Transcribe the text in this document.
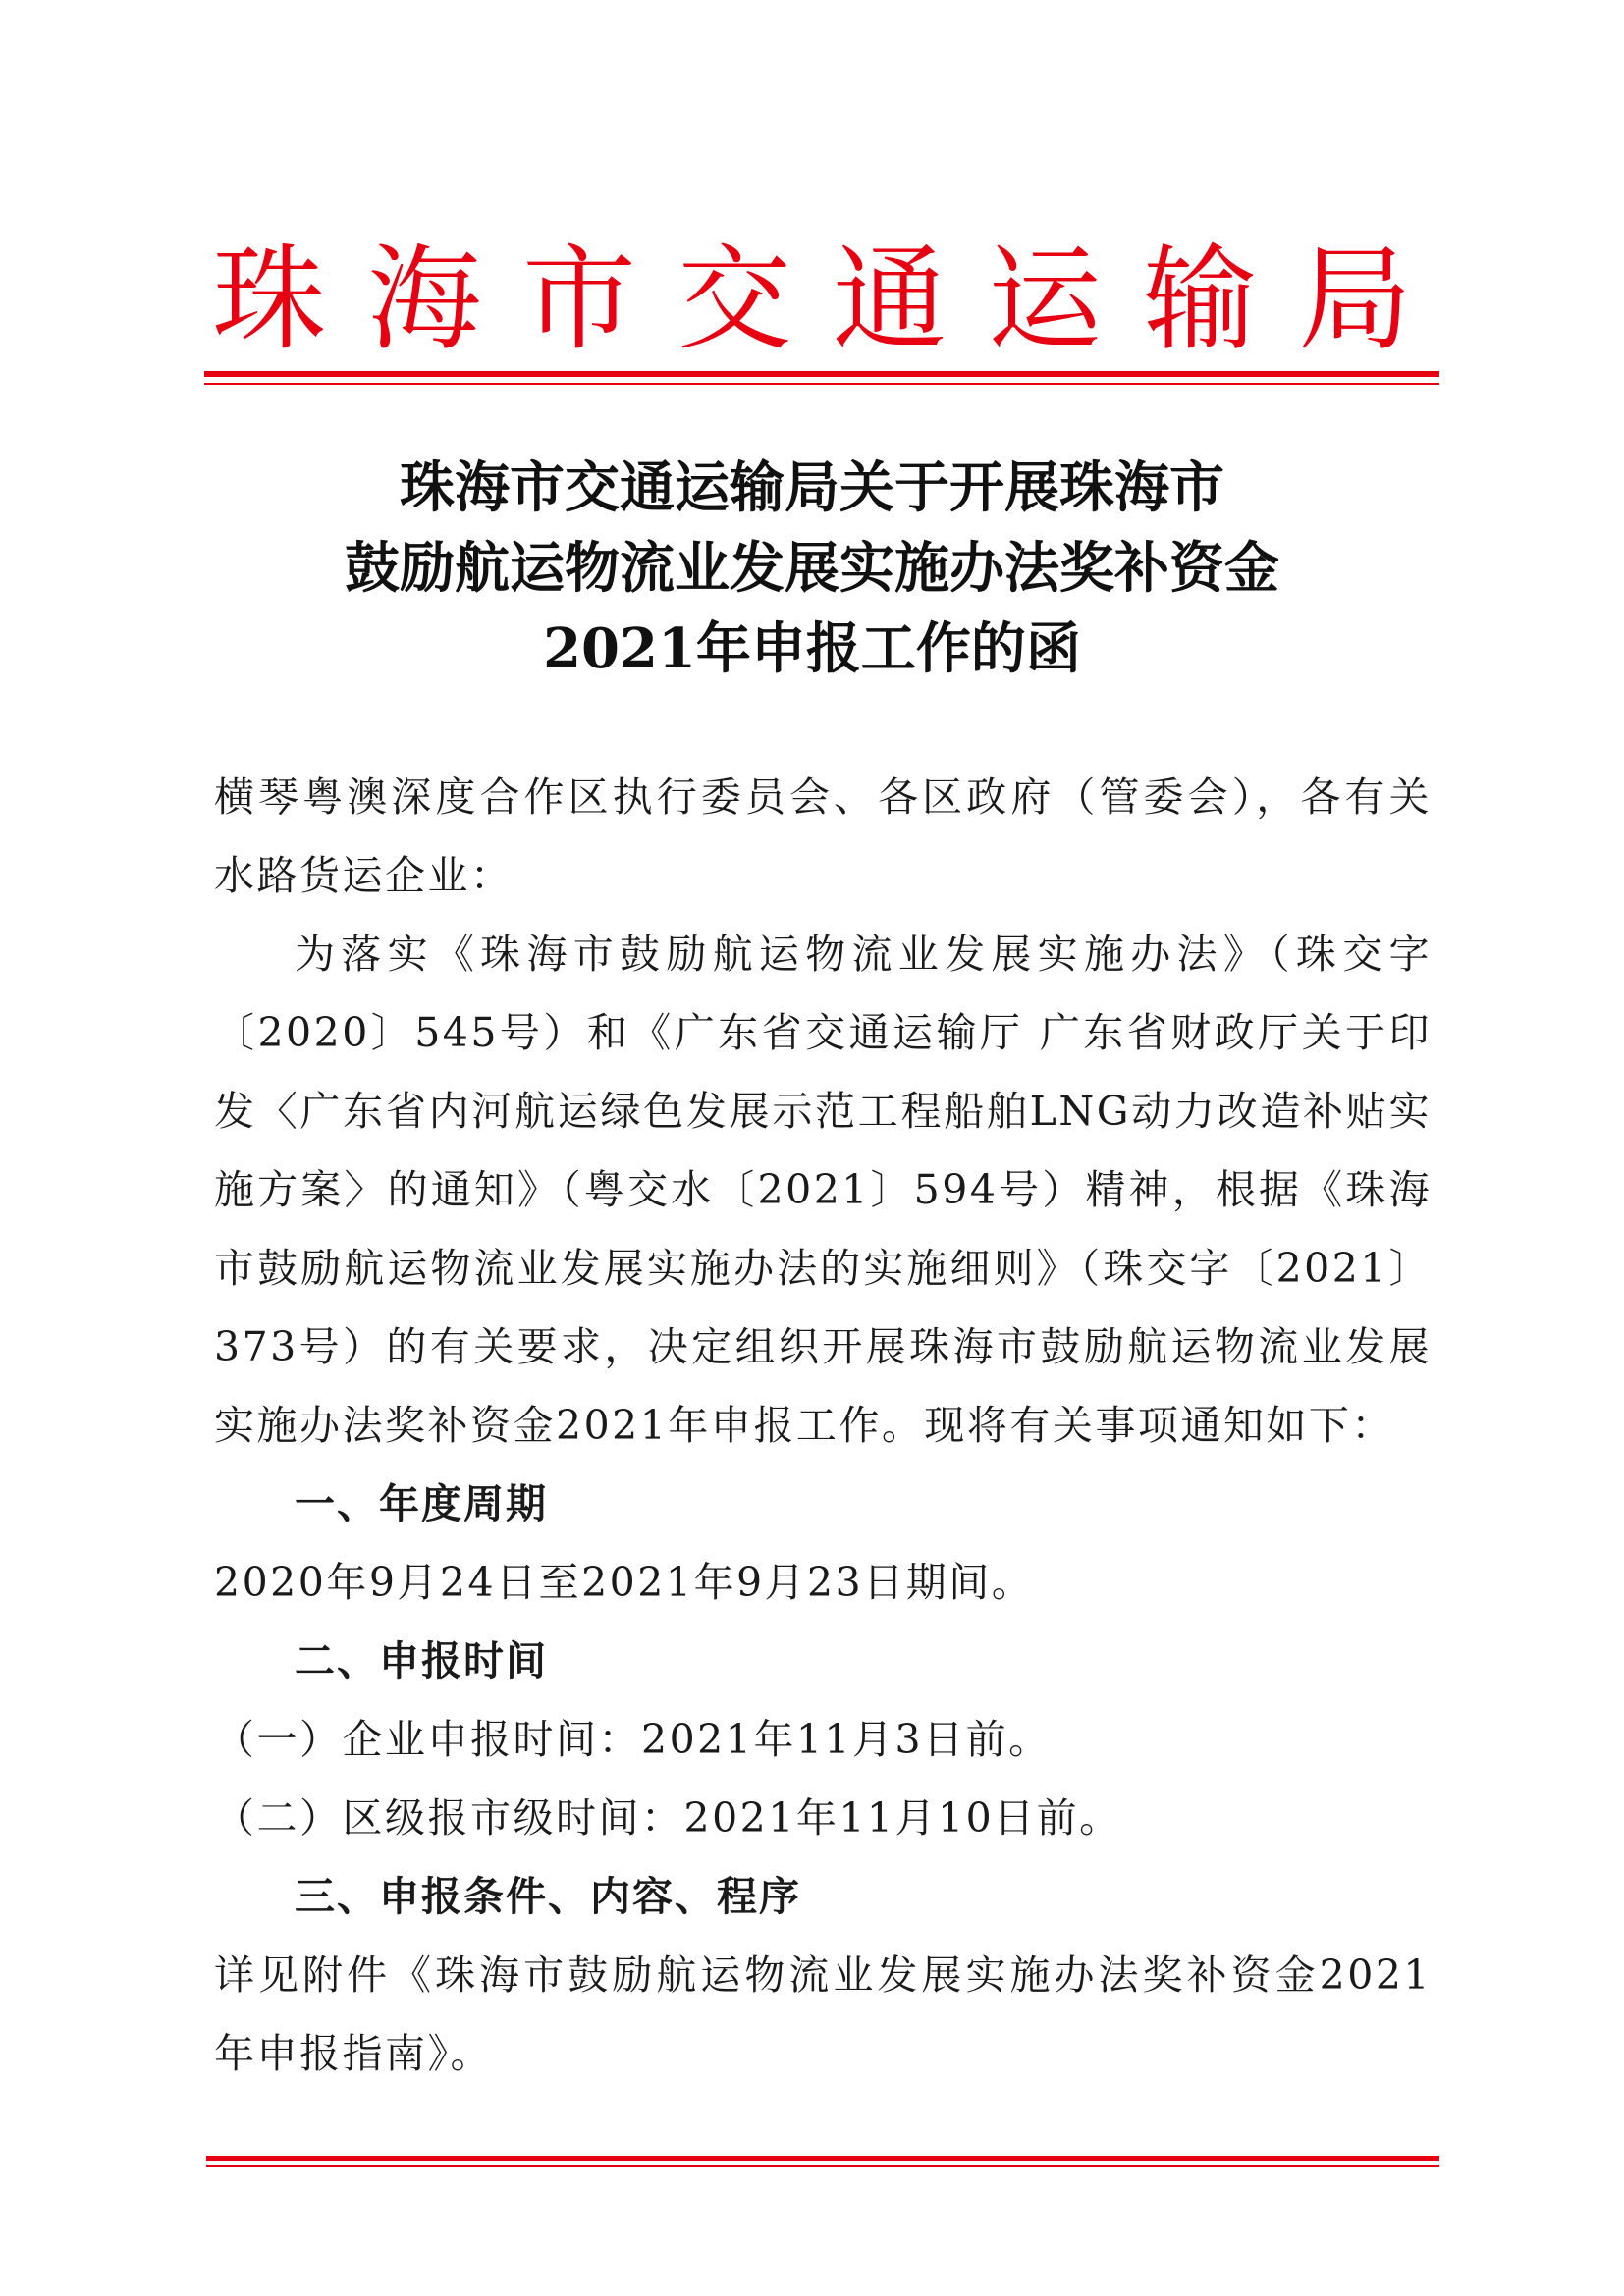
珠海市交通运输局
珠海市交通运输局关于开展珠海市
鼓励航运物流业发展实施办法奖补资金
2021年申报工作的函

横琴粤澳深度合作区执行委员会、各区政府（管委会），各有关水路货运企业：

为落实《珠海市鼓励航运物流业发展实施办法》（珠交字〔2020〕545号）和《广东省交通运输厅 广东省财政厅关于印发〈广东省内河航运绿色发展示范工程船舶LNG动力改造补贴实施方案〉的通知》（粤交水〔2021〕594号）精神，根据《珠海市鼓励航运物流业发展实施办法的实施细则》（珠交字〔2021〕373号）的有关要求，决定组织开展珠海市鼓励航运物流业发展实施办法奖补资金2021年申报工作。现将有关事项通知如下：

一、年度周期

2020年9月24日至2021年9月23日期间。

二、申报时间

（一）企业申报时间：2021年11月3日前。

（二）区级报市级时间：2021年11月10日前。

三、申报条件、内容、程序

详见附件《珠海市鼓励航运物流业发展实施办法奖补资金2021年申报指南》。
